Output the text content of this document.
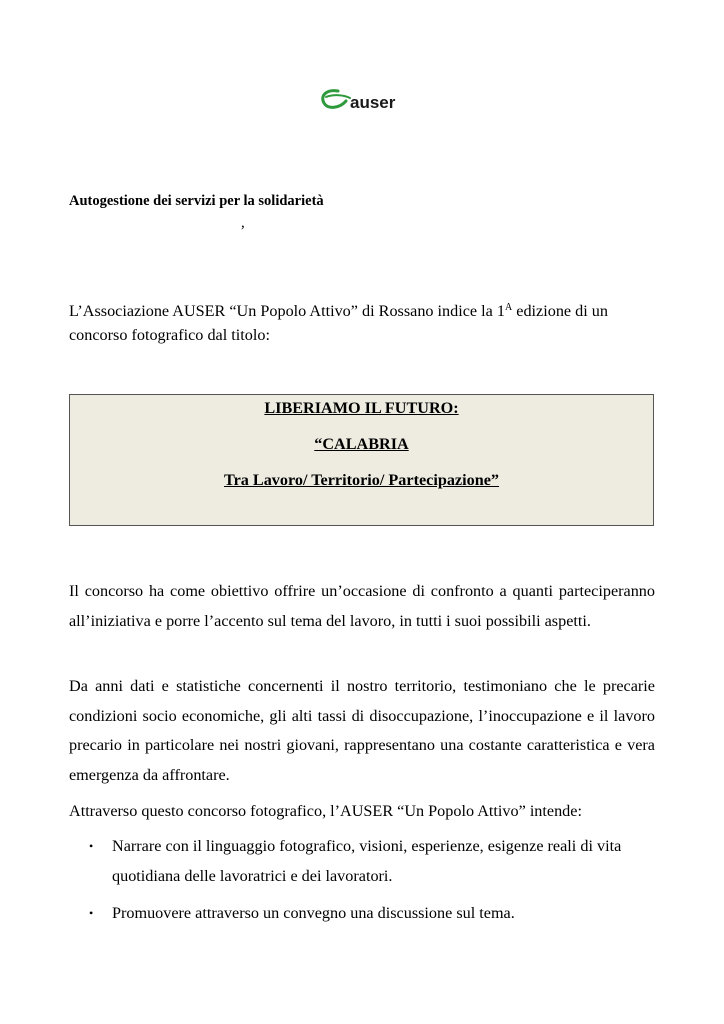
auser
Autogestione dei servizi per la solidarietà
,
L’Associazione AUSER “Un Popolo Attivo” di Rossano indice la $1^A$ edizione di un concorso fotografico dal titolo:
LIBERIAMO IL FUTURO:
“CALABRIA
Tra Lavoro/ Territorio/ Partecipazione”
Il concorso ha come obiettivo offrire un’occasione di confronto a quanti parteciperanno all’iniziativa e porre l’accento sul tema del lavoro, in tutti i suoi possibili aspetti.
Da anni dati e statistiche concernenti il nostro territorio, testimoniano che le precarie condizioni socio economiche, gli alti tassi di disoccupazione, l’inoccupazione e il lavoro precario in particolare nei nostri giovani, rappresentano una costante caratteristica e vera emergenza da affrontare.
Attraverso questo concorso fotografico, l’AUSER “Un Popolo Attivo” intende:
• Narrare con il linguaggio fotografico, visioni, esperienze, esigenze reali di vita quotidiana delle lavoratrici e dei lavoratori.
• Promuovere attraverso un convegno una discussione sul tema.
